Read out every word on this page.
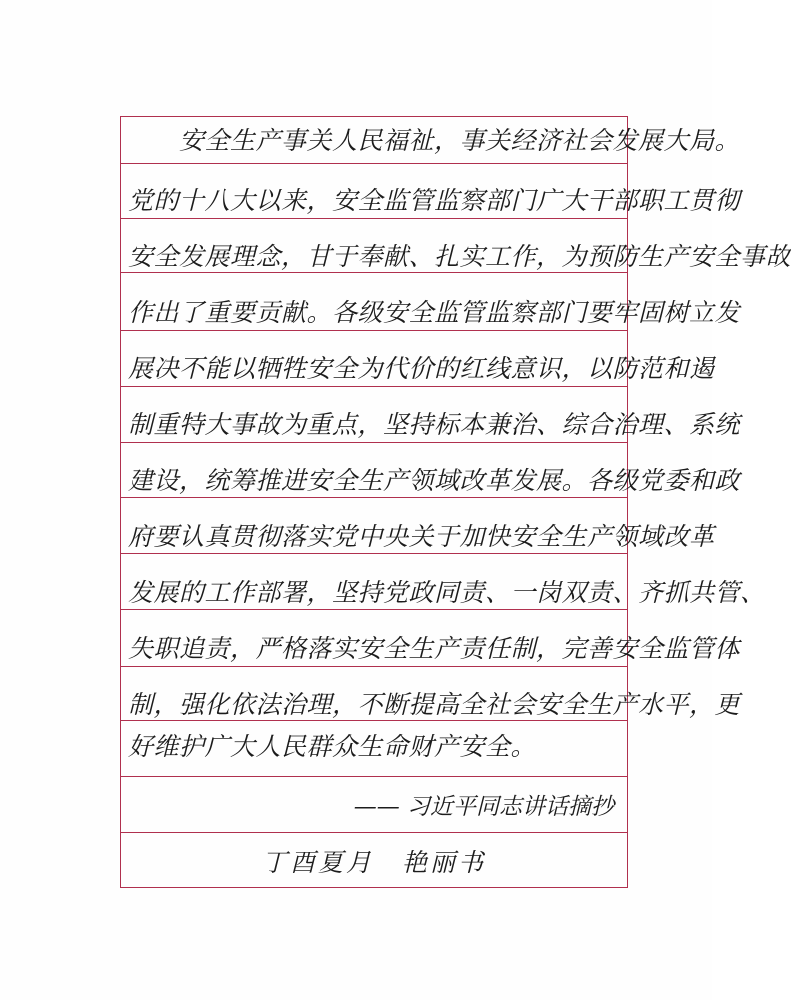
　　安全生产事关人民福祉，事关经济社会发展大局。
党的十八大以来，安全监管监察部门广大干部职工贯彻
安全发展理念，甘于奉献、扎实工作，为预防生产安全事故
作出了重要贡献。各级安全监管监察部门要牢固树立发
展决不能以牺牲安全为代价的红线意识，以防范和遏
制重特大事故为重点，坚持标本兼治、综合治理、系统
建设，统筹推进安全生产领域改革发展。各级党委和政
府要认真贯彻落实党中央关于加快安全生产领域改革
发展的工作部署，坚持党政同责、一岗双责、齐抓共管、
失职追责，严格落实安全生产责任制，完善安全监管体
制，强化依法治理，不断提高全社会安全生产水平，更
好维护广大人民群众生命财产安全。
—— 习近平同志讲话摘抄
丁酉夏月　艳丽书
